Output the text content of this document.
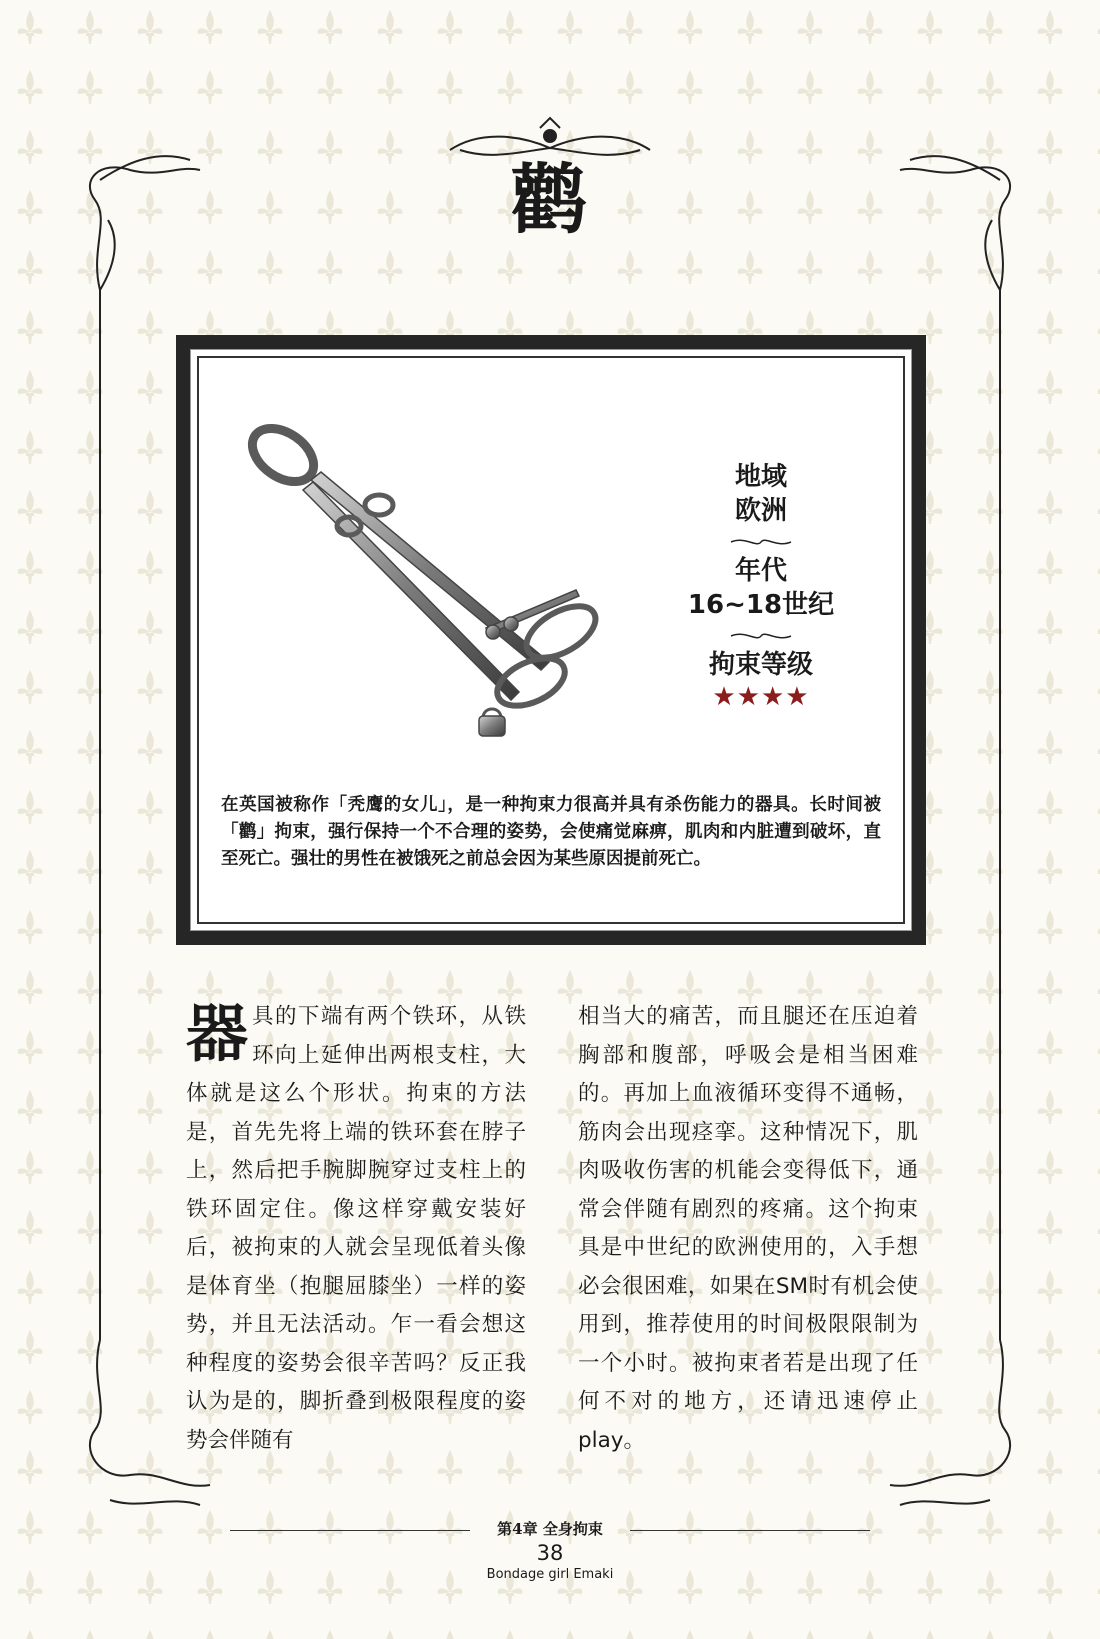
鹳
地域
欧洲
年代
16~18世纪
拘束等级
★★★★
在英国被称作「秃鹰的女儿」，是一种拘束力很高并具有杀伤能力的器具。长时间被「鹳」拘束，强行保持一个不合理的姿势，会使痛觉麻痹，肌肉和内脏遭到破坏，直至死亡。强壮的男性在被饿死之前总会因为某些原因提前死亡。
器具的下端有两个铁环，从铁环向上延伸出两根支柱，大体就是这么个形状。拘束的方法是，首先先将上端的铁环套在脖子上，然后把手腕脚腕穿过支柱上的铁环固定住。像这样穿戴安装好后，被拘束的人就会呈现低着头像是体育坐（抱腿屈膝坐）一样的姿势，并且无法活动。乍一看会想这种程度的姿势会很辛苦吗？反正我认为是的，脚折叠到极限程度的姿势会伴随有
相当大的痛苦，而且腿还在压迫着胸部和腹部，呼吸会是相当困难的。再加上血液循环变得不通畅，筋肉会出现痉挛。这种情况下，肌肉吸收伤害的机能会变得低下，通常会伴随有剧烈的疼痛。这个拘束具是中世纪的欧洲使用的，入手想必会很困难，如果在SM时有机会使用到，推荐使用的时间极限限制为一个小时。被拘束者若是出现了任何不对的地方，还请迅速停止play。
第4章 全身拘束
38
Bondage girl Emaki
